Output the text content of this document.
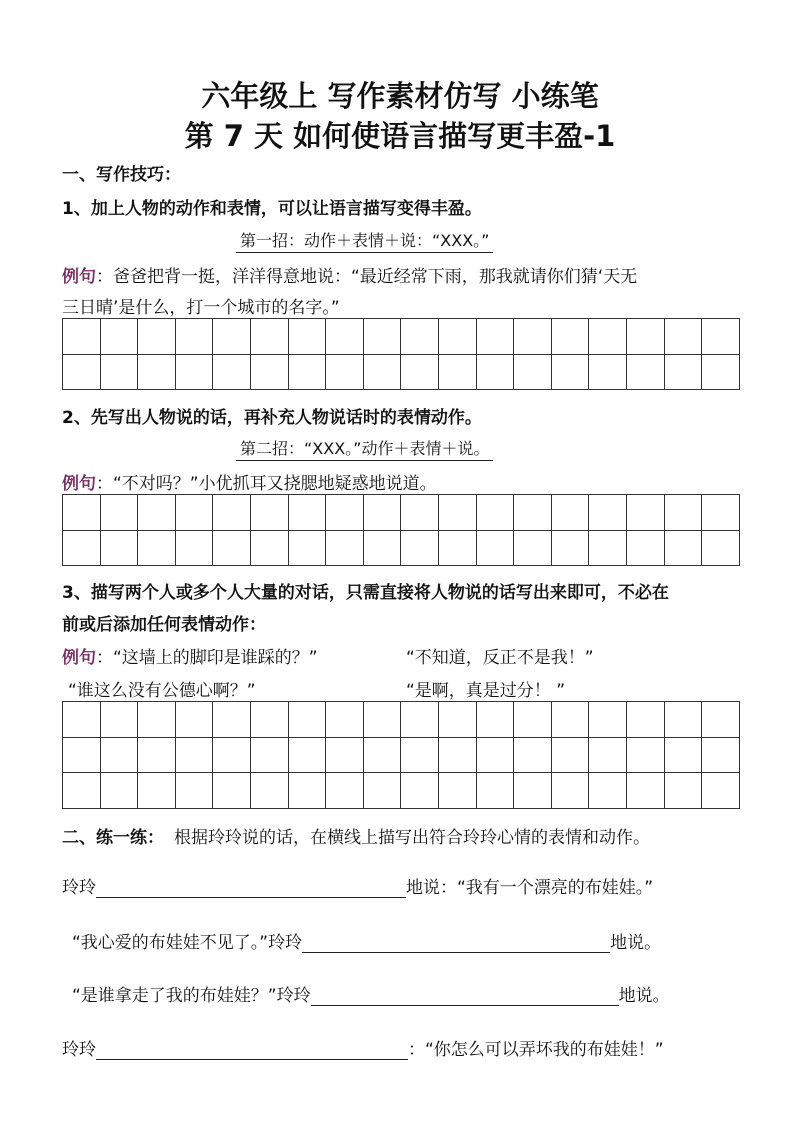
六年级上 写作素材仿写 小练笔
第 7 天 如何使语言描写更丰盈-1
一、写作技巧：
1、加上人物的动作和表情，可以让语言描写变得丰盈。
第一招：动作＋表情＋说：“XXX。”
例句：爸爸把背一挺，洋洋得意地说：“最近经常下雨，那我就请你们猜‘天无
三日晴’是什么，打一个城市的名字。”

2、先写出人物说的话，再补充人物说话时的表情动作。
第二招：“XXX。”动作＋表情＋说。
例句：“不对吗？”小优抓耳又挠腮地疑惑地说道。

3、描写两个人或多个人大量的对话，只需直接将人物说的话写出来即可，不必在
前或后添加任何表情动作：
例句：“这墙上的脚印是谁踩的？”	“不知道，反正不是我！”
“谁这么没有公德心啊？”	“是啊，真是过分！ ”

二、练一练： 根据玲玲说的话，在横线上描写出符合玲玲心情的表情和动作。
玲玲	地说：“我有一个漂亮的布娃娃。”
“我心爱的布娃娃不见了。”玲玲	地说。
“是谁拿走了我的布娃娃？”玲玲	地说。
玲玲	：“你怎么可以弄坏我的布娃娃！”
